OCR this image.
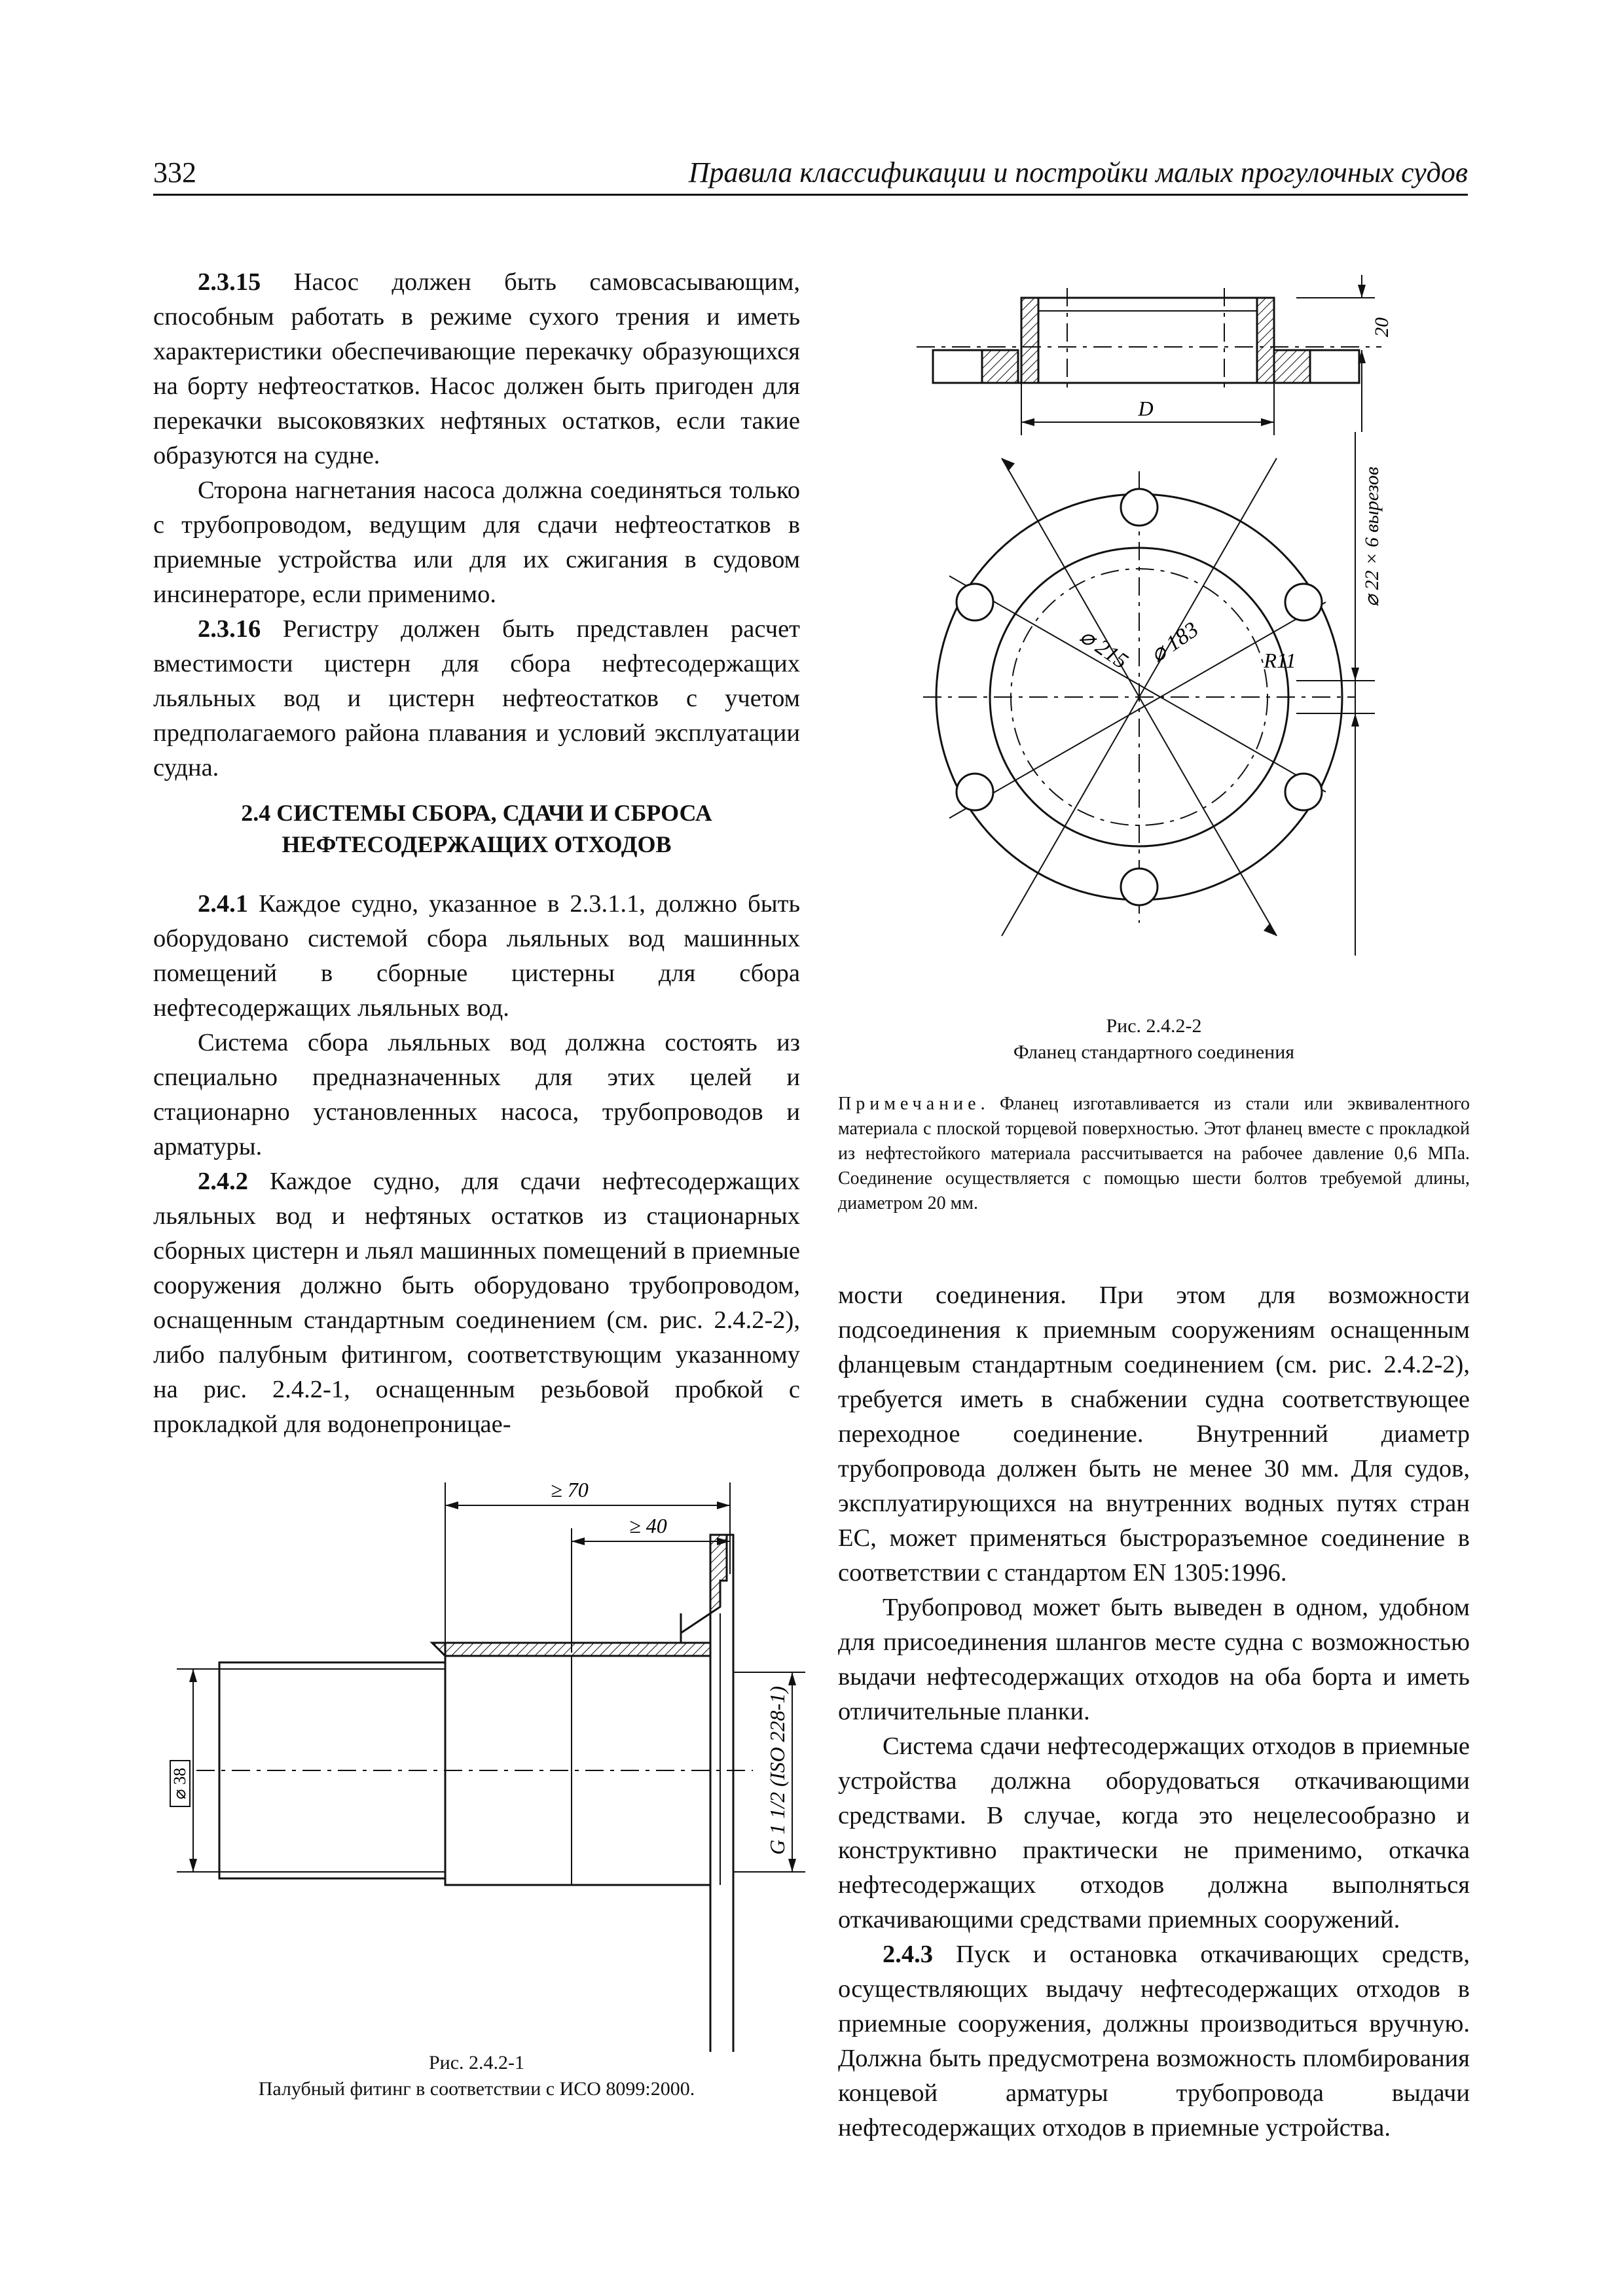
332	Правила классификации и постройки малых прогулочных судов

2.3.15 Насос должен быть самовсасывающим, способным работать в режиме сухого трения и иметь характеристики обеспечивающие перекачку образующихся на борту нефтеостатков. Насос должен быть пригоден для перекачки высоковязких нефтяных остатков, если такие образуются на судне.

Сторона нагнетания насоса должна соединяться только с трубопроводом, ведущим для сдачи нефтеостатков в приемные устройства или для их сжигания в судовом инсинераторе, если применимо.

2.3.16 Регистру должен быть представлен расчет вместимости цистерн для сбора нефтесодержащих льяльных вод и цистерн нефтеостатков с учетом предполагаемого района плавания и условий эксплуатации судна.

2.4 СИСТЕМЫ СБОРА, СДАЧИ И СБРОСА
НЕФТЕСОДЕРЖАЩИХ ОТХОДОВ

2.4.1 Каждое судно, указанное в 2.3.1.1, должно быть оборудовано системой сбора льяльных вод машинных помещений в сборные цистерны для сбора нефтесодержащих льяльных вод.

Система сбора льяльных вод должна состоять из специально предназначенных для этих целей и стационарно установленных насоса, трубопроводов и арматуры.

2.4.2 Каждое судно, для сдачи нефтесодержащих льяльных вод и нефтяных остатков из стационарных сборных цистерн и льял машинных помещений в приемные сооружения должно быть оборудовано трубопроводом, оснащенным стандартным соединением (см. рис. 2.4.2-2), либо палубным фитингом, соответствующим указанному на рис. 2.4.2-1, оснащенным резьбовой пробкой с прокладкой для водонепроницае-

≥ 70
≥ 40
⌀ 38	G 1 1/2 (ISO 228-1)
Рис. 2.4.2-1
Палубный фитинг в соответствии с ИСО 8099:2000.
20
D
⌀ 215 ⌀ 183	R11
⌀ 22 × 6 вырезов
Рис. 2.4.2-2
Фланец стандартного соединения
Примечание. Фланец изготавливается из стали или эквивалентного материала с плоской торцевой поверхностью. Этот фланец вместе с прокладкой из нефтестойкого материала рассчитывается на рабочее давление 0,6 МПа. Соединение осуществляется с помощью шести болтов требуемой длины, диаметром 20 мм.

мости соединения. При этом для возможности подсоединения к приемным сооружениям оснащенным фланцевым стандартным соединением (см. рис. 2.4.2-2), требуется иметь в снабжении судна соответствующее переходное соединение. Внутренний диаметр трубопровода должен быть не менее 30 мм. Для судов, эксплуатирующихся на внутренних водных путях стран ЕС, может применяться быстроразъемное соединение в соответствии с стандартом EN 1305:1996.

Трубопровод может быть выведен в одном, удобном для присоединения шлангов месте судна с возможностью выдачи нефтесодержащих отходов на оба борта и иметь отличительные планки.

Система сдачи нефтесодержащих отходов в приемные устройства должна оборудоваться откачивающими средствами. В случае, когда это нецелесообразно и конструктивно практически не применимо, откачка нефтесодержащих отходов должна выполняться откачивающими средствами приемных сооружений.

2.4.3 Пуск и остановка откачивающих средств, осуществляющих выдачу нефтесодержащих отходов в приемные сооружения, должны производиться вручную. Должна быть предусмотрена возможность пломбирования концевой арматуры трубопровода выдачи нефтесодержащих отходов в приемные устройства.
